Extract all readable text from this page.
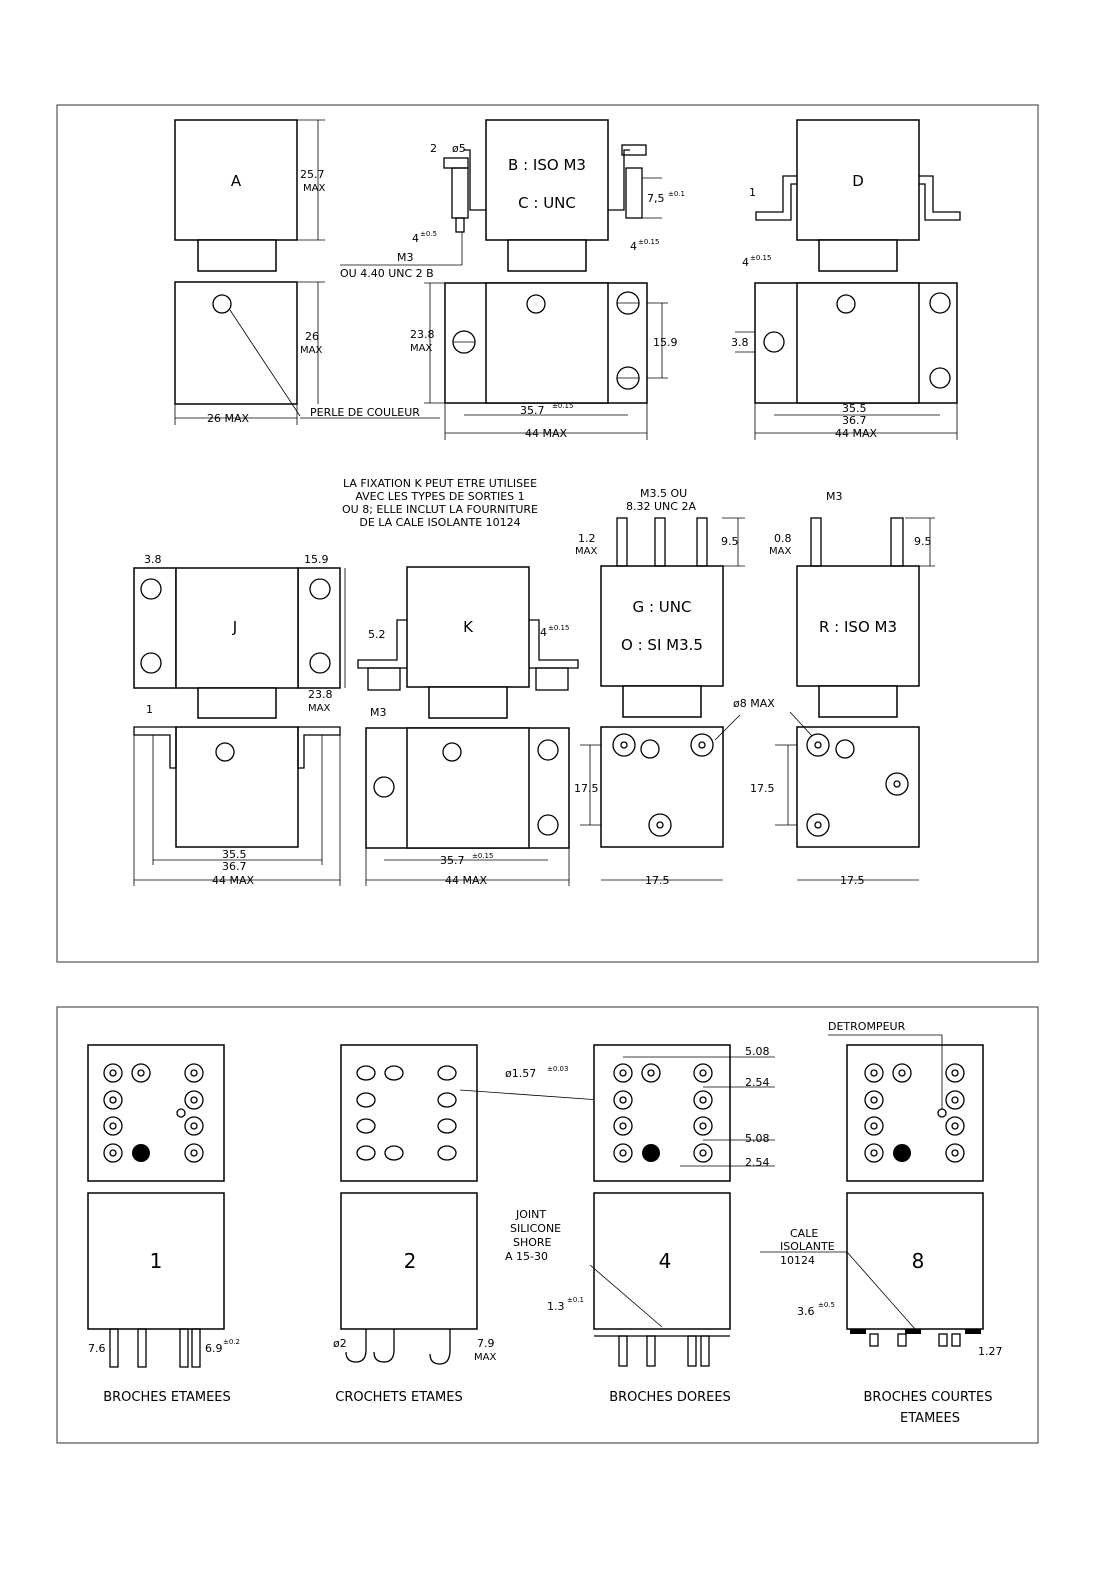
A	25.7
MAX
26
MAX
26 MAX	PERLE DE COULEUR
B : ISO M3
C : UNC
2 ø5
7,5 ±0.1
4 ±0.5
4 ±0.15
M3
OU 4.40 UNC 2 B
23.8
MAX	15.9
35.7 ±0.15
44 MAX
D
1
4 ±0.15
3.8
35.5
36.7
44 MAX
LA FIXATION K PEUT ETRE UTILISEE
AVEC LES TYPES DE SORTIES 1
OU 8; ELLE INCLUT LA FOURNITURE
DE LA CALE ISOLANTE 10124
J
3.8	15.9
23.8
MAX
1
35.5
36.7
44 MAX
K
5.2	4 ±0.15
M3
35.7 ±0.15
44 MAX
G : UNC
O : SI M3.5
M3.5 OU
8.32 UNC 2A
9.5
1.2
MAX
17.5
17.5
ø8 MAX
R : ISO M3
M3
9.5
0.8
MAX
17.5
17.5
1
7.6	6.9 ±0.2
BROCHES ETAMEES
2
ø2	7.9
MAX
CROCHETS ETAMES
ø1.57 ±0.03
5.08
2.54
5.08
2.54
4
JOINT
SILICONE
SHORE
A 15-30
1.3 ±0.1
BROCHES DOREES
DETROMPEUR
8
CALE
ISOLANTE
10124
3.6 ±0.5
1.27
BROCHES COURTES
ETAMEES
